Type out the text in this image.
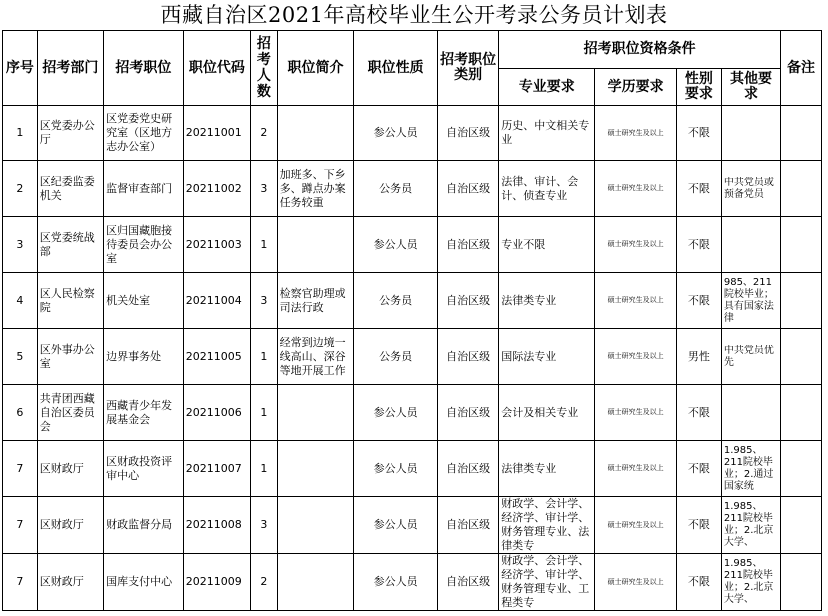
西藏自治区2021年高校毕业生公开考录公务员计划表
序号	招考部门	招考职位	职位代码	招考人数	职位简介	职位性质	招考职位类别	招考职位资格条件				备注
								专业要求	学历要求	性别要求	其他要求	

1	区党委办公厅	区党委党史研究室（区地方志办公室）	20211001	2		参公人员	自治区级	历史、中文相关专业	硕士研究生及以上	不限		

2	区纪委监委机关	监督审查部门	20211002	3	加班多、下乡多、蹲点办案任务较重	公务员	自治区级	法律、审计、会计、侦查专业	硕士研究生及以上	不限	中共党员或预备党员	

3	区党委统战部	区归国藏胞接待委员会办公室	20211003	1		参公人员	自治区级	专业不限	硕士研究生及以上	不限		

4	区人民检察院	机关处室	20211004	3	检察官助理或司法行政	公务员	自治区级	法律类专业	硕士研究生及以上	不限	985、211院校毕业；具有国家法律	

5	区外事办公室	边界事务处	20211005	1	经常到边境一线高山、深谷等地开展工作	公务员	自治区级	国际法专业	硕士研究生及以上	男性	中共党员优先	

6	共青团西藏自治区委员会	西藏青少年发展基金会	20211006	1		参公人员	自治区级	会计及相关专业	硕士研究生及以上	不限		

7	区财政厅	区财政投资评审中心	20211007	1		参公人员	自治区级	法律类专业	硕士研究生及以上	不限	1.985、211院校毕业；2.通过国家统	

7	区财政厅	财政监督分局	20211008	3		参公人员	自治区级	财政学、会计学、经济学、审计学、财务管理专业、法律类专	硕士研究生及以上	不限	1.985、211院校毕业；2.北京大学、	

7	区财政厅	国库支付中心	20211009	2		参公人员	自治区级	财政学、会计学、经济学、审计学、财务管理专业、工程类专	硕士研究生及以上	不限	1.985、211院校毕业；2.北京大学、	
